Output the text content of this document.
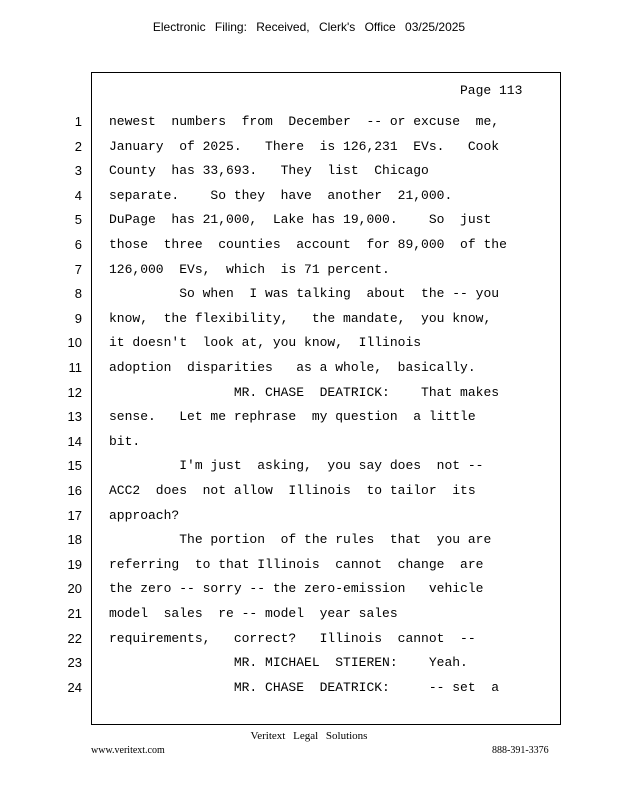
Electronic Filing: Received, Clerk's Office 03/25/2025
Page 113
1 newest  numbers  from  December  -- or excuse  me,
2 January  of 2025.   There  is 126,231  EVs.   Cook
3 County  has 33,693.   They  list  Chicago
4 separate.    So they  have  another  21,000.
5 DuPage  has 21,000,  Lake has 19,000.    So  just
6 those  three  counties  account  for 89,000  of the
7 126,000  EVs,  which  is 71 percent.
8 So when  I was talking  about  the -- you
9 know,  the flexibility,   the mandate,  you know,
10 it doesn't  look at, you know,  Illinois
11 adoption  disparities   as a whole,  basically.
12 MR. CHASE  DEATRICK:    That makes
13 sense.   Let me rephrase  my question  a little
14 bit.
15 I'm just  asking,  you say does  not --
16 ACC2  does  not allow  Illinois  to tailor  its
17 approach?
18 The portion  of the rules  that  you are
19 referring  to that Illinois  cannot  change  are
20 the zero -- sorry -- the zero-emission   vehicle
21 model  sales  re -- model  year sales
22 requirements,   correct?   Illinois  cannot  --
23 MR. MICHAEL  STIEREN:    Yeah.
24 MR. CHASE  DEATRICK:     -- set  a
Veritext Legal Solutions
www.veritext.com	888-391-3376
